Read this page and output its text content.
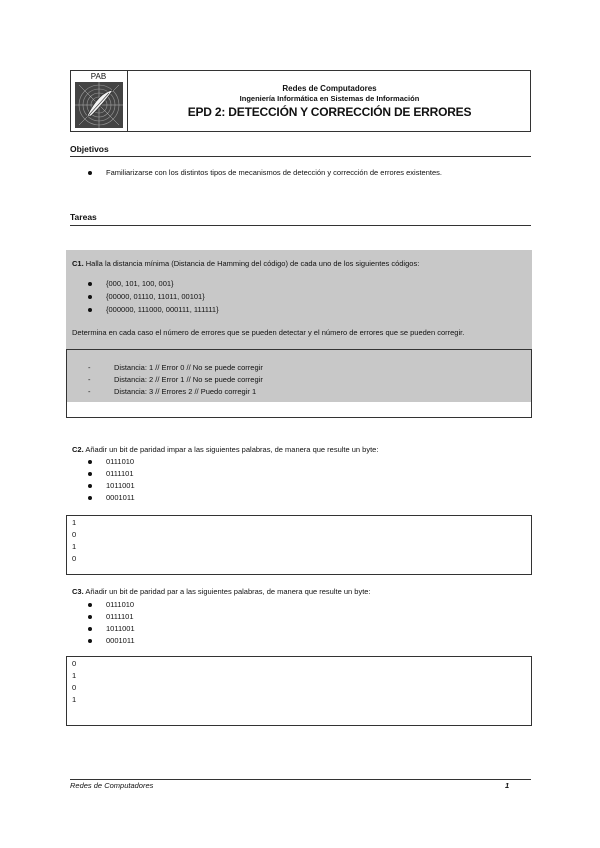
PAB
Redes de Computadores
Ingeniería Informática en Sistemas de Información
EPD 2: DETECCIÓN Y CORRECCIÓN DE ERRORES
Objetivos
Familiarizarse con los distintos tipos de mecanismos de detección y corrección de errores existentes.
Tareas
C1. Halla la distancia mínima (Distancia de Hamming del código) de cada uno de los siguientes códigos:
{000, 101, 100, 001}
{00000, 01110, 11011, 00101}
{000000, 111000, 000111, 111111}
Determina en cada caso el número de errores que se pueden detectar y el número de errores que se pueden corregir.
-	Distancia: 1 // Error 0 // No se puede corregir
-	Distancia: 2 // Error 1 // No se puede corregir
-	Distancia: 3 // Errores 2 // Puedo corregir 1
C2. Añadir un bit de paridad impar a las siguientes palabras, de manera que resulte un byte:
0111010
0111101
1011001
0001011
1
0
1
0
C3. Añadir un bit de paridad par a las siguientes palabras, de manera que resulte un byte:
0111010
0111101
1011001
0001011
0
1
0
1
Redes de Computadores	1
